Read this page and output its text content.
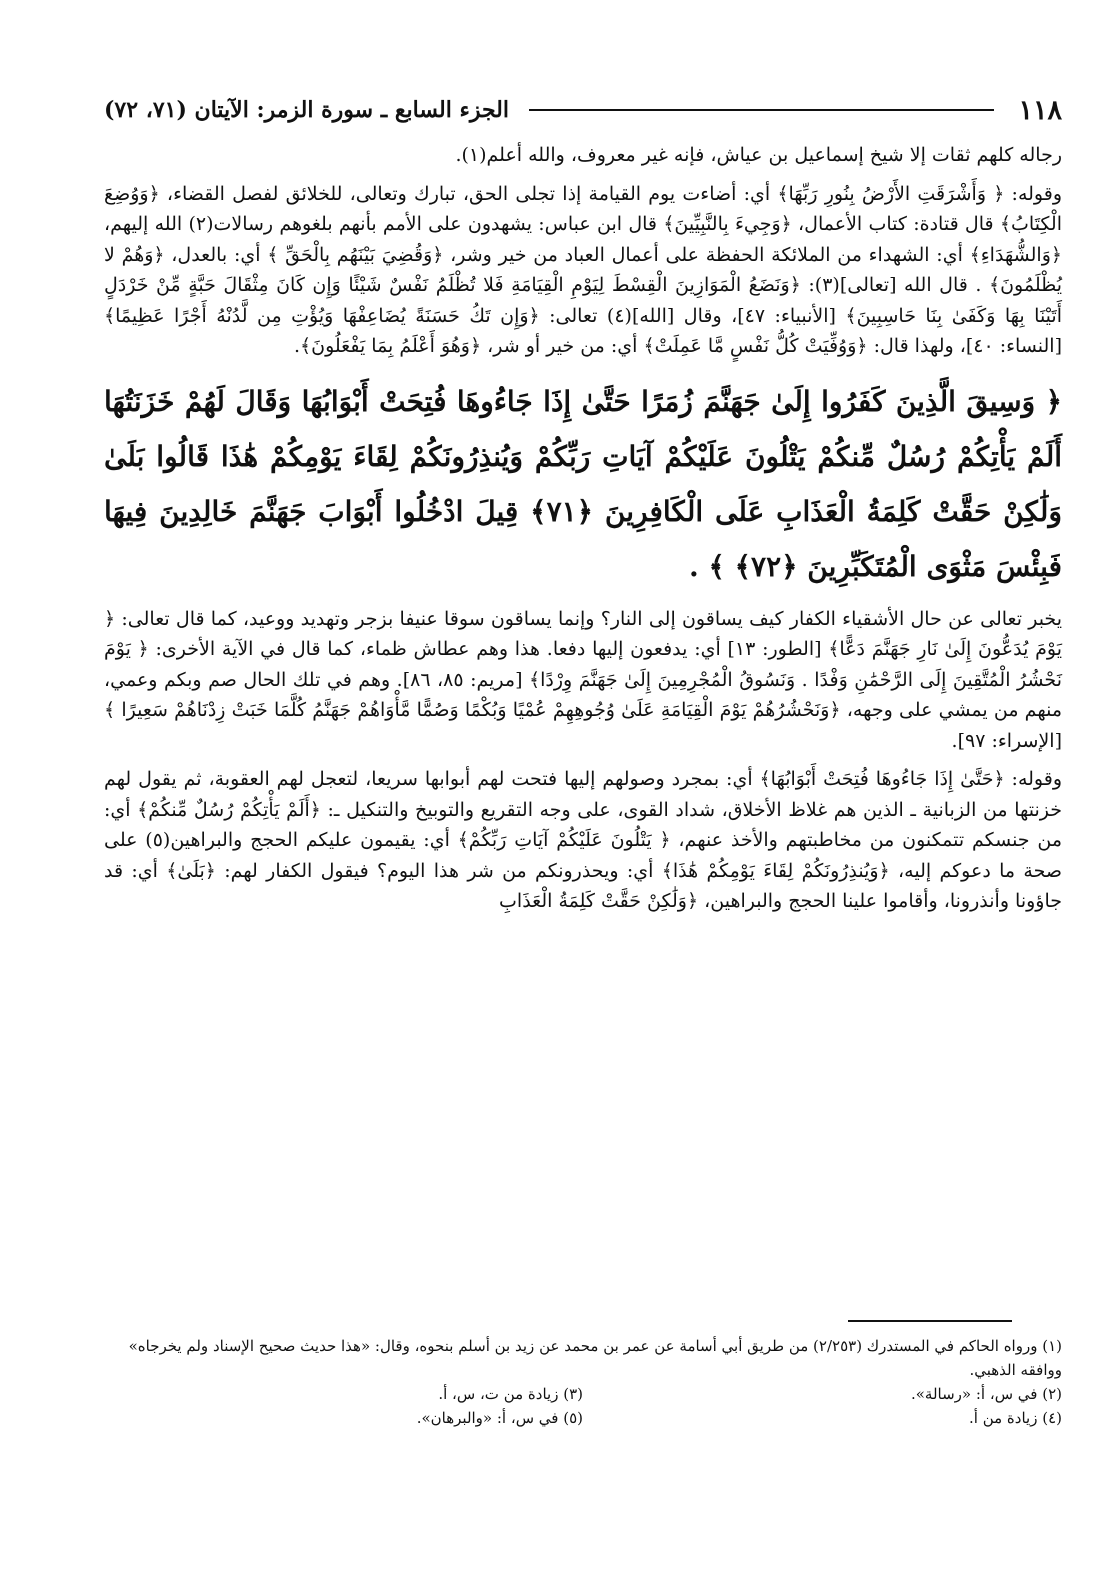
١١٨
الجزء السابع ـ سورة الزمر: الآيتان (٧١، ٧٢)

رجاله كلهم ثقات إلا شيخ إسماعيل بن عياش، فإنه غير معروف، والله أعلم(١).

وقوله: ﴿ وَأَشْرَقَتِ الأَرْضُ بِنُورِ رَبِّهَا﴾ أي: أضاءت يوم القيامة إذا تجلى الحق، تبارك وتعالى، للخلائق لفصل القضاء، ﴿وَوُضِعَ الْكِتَابُ﴾ قال قتادة: كتاب الأعمال، ﴿وَجِيءَ بِالنَّبِيِّينَ﴾ قال ابن عباس: يشهدون على الأمم بأنهم بلغوهم رسالات(٢) الله إليهم، ﴿وَالشُّهَدَاءِ﴾ أي: الشهداء من الملائكة الحفظة على أعمال العباد من خير وشر، ﴿وَقُضِيَ بَيْنَهُم بِالْحَقِّ ﴾ أي: بالعدل، ﴿وَهُمْ لا يُظْلَمُونَ﴾ . قال الله [تعالى](٣): ﴿وَنَضَعُ الْمَوَازِينَ الْقِسْطَ لِيَوْمِ الْقِيَامَةِ فَلا تُظْلَمُ نَفْسٌ شَيْئًا وَإِن كَانَ مِثْقَالَ حَبَّةٍ مِّنْ خَرْدَلٍ أَتَيْنَا بِهَا وَكَفَىٰ بِنَا حَاسِبِينَ﴾ [الأنبياء: ٤٧]، وقال [الله](٤) تعالى: ﴿وَإِن تَكُ حَسَنَةً يُضَاعِفْهَا وَيُؤْتِ مِن لَّدُنْهُ أَجْرًا عَظِيمًا﴾ [النساء: ٤٠]، ولهذا قال: ﴿وَوُفِّيَتْ كُلُّ نَفْسٍ مَّا عَمِلَتْ﴾ أي: من خير أو شر، ﴿وَهُوَ أَعْلَمُ بِمَا يَفْعَلُونَ﴾.

﴿ وَسِيقَ الَّذِينَ كَفَرُوا إِلَىٰ جَهَنَّمَ زُمَرًا حَتَّىٰ إِذَا جَاءُوهَا فُتِحَتْ أَبْوَابُهَا وَقَالَ لَهُمْ خَزَنَتُهَا أَلَمْ يَأْتِكُمْ رُسُلٌ مِّنكُمْ يَتْلُونَ عَلَيْكُمْ آيَاتِ رَبِّكُمْ وَيُنذِرُونَكُمْ لِقَاءَ يَوْمِكُمْ هَٰذَا قَالُوا بَلَىٰ وَلَٰكِنْ حَقَّتْ كَلِمَةُ الْعَذَابِ عَلَى الْكَافِرِينَ ﴿٧١﴾ قِيلَ ادْخُلُوا أَبْوَابَ جَهَنَّمَ خَالِدِينَ فِيهَا فَبِئْسَ مَثْوَى الْمُتَكَبِّرِينَ ﴿٧٢﴾ ﴾ .

يخبر تعالى عن حال الأشقياء الكفار كيف يساقون إلى النار؟ وإنما يساقون سوقا عنيفا بزجر وتهديد ووعيد، كما قال تعالى: ﴿ يَوْمَ يُدَعُّونَ إِلَىٰ نَارِ جَهَنَّمَ دَعًّا﴾ [الطور: ١٣] أي: يدفعون إليها دفعا. هذا وهم عطاش ظماء، كما قال في الآية الأخرى: ﴿ يَوْمَ نَحْشُرُ الْمُتَّقِينَ إِلَى الرَّحْمَٰنِ وَفْدًا . وَنَسُوقُ الْمُجْرِمِينَ إِلَىٰ جَهَنَّمَ وِرْدًا﴾ [مريم: ٨٥، ٨٦]. وهم في تلك الحال صم وبكم وعمي، منهم من يمشي على وجهه، ﴿وَنَحْشُرُهُمْ يَوْمَ الْقِيَامَةِ عَلَىٰ وُجُوهِهِمْ عُمْيًا وَبُكْمًا وَصُمًّا مَّأْوَاهُمْ جَهَنَّمُ كُلَّمَا خَبَتْ زِدْنَاهُمْ سَعِيرًا ﴾ [الإسراء: ٩٧].

وقوله: ﴿حَتَّىٰ إِذَا جَاءُوهَا فُتِحَتْ أَبْوَابُهَا﴾ أي: بمجرد وصولهم إليها فتحت لهم أبوابها سريعا، لتعجل لهم العقوبة، ثم يقول لهم خزنتها من الزبانية ـ الذين هم غلاظ الأخلاق، شداد القوى، على وجه التقريع والتوبيخ والتنكيل ـ: ﴿أَلَمْ يَأْتِكُمْ رُسُلٌ مِّنكُمْ﴾ أي: من جنسكم تتمكنون من مخاطبتهم والأخذ عنهم، ﴿ يَتْلُونَ عَلَيْكُمْ آيَاتِ رَبِّكُمْ﴾ أي: يقيمون عليكم الحجج والبراهين(٥) على صحة ما دعوكم إليه، ﴿وَيُنذِرُونَكُمْ لِقَاءَ يَوْمِكُمْ هَٰذَا﴾ أي: ويحذرونكم من شر هذا اليوم؟ فيقول الكفار لهم: ﴿بَلَىٰ﴾ أي: قد جاؤونا وأنذرونا، وأقاموا علينا الحجج والبراهين، ﴿وَلَٰكِنْ حَقَّتْ كَلِمَةُ الْعَذَابِ

(١) ورواه الحاكم في المستدرك (٢/٢٥٣) من طريق أبي أسامة عن عمر بن محمد عن زيد بن أسلم بنحوه، وقال: «هذا حديث صحيح الإسناد ولم يخرجاه» ووافقه الذهبي.
(٢) في س، أ: «رسالة».
(٣) زيادة من ت، س، أ.
(٤) زيادة من أ.
(٥) في س، أ: «والبرهان».
